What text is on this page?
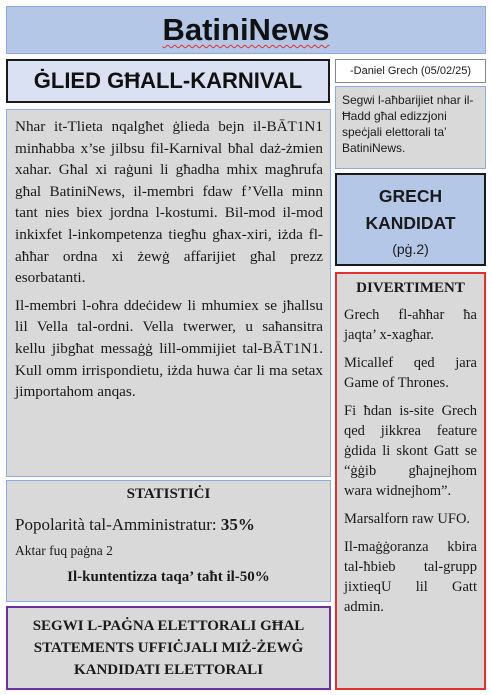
BatiniNews
ĠLIED GĦALL-KARNIVAL	-Daniel Grech (05/02/25)

Nhar it-Tlieta nqalgħet ġlieda bejn il-BĀT1N1 minħabba x’se jilbsu fil-Karnival bħal daż-żmien xahar. Għal xi raġuni li għadha mhix magħrufa għal BatiniNews, il-membri fdaw f’Vella minn tant nies biex jordna l-kostumi. Bil-mod il-mod inkixfet l-inkompetenza tiegħu għax-xiri, iżda fl-aħħar ordna xi żewġ affarijiet għal prezz esorbatanti.

Il-membri l-oħra ddeċidew li mhumiex se jħallsu lil Vella tal-ordni. Vella twerwer, u saħansitra kellu jibgħat messaġġ lill-ommijiet tal-BĀT1N1. Kull omm irrispondietu, iżda huwa ċar li ma setax jimportahom anqas.

STATISTIĊI
Popolarità tal-Amministratur: 35%
Aktar fuq paġna 2
Il-kuntentizza taqa’ taħt il-50%
SEGWI L-PAĠNA ELETTORALI GĦAL STATEMENTS UFFIĊJALI MIŻ-ŻEWĠ KANDIDATI ELETTORALI
Segwi l-aħbarijiet nhar il-Ħadd għal edizzjoni speċjali elettorali ta’ BatiniNews.
GRECH
KANDIDAT
(pġ.2)
DIVERTIMENT

Grech fl-aħħar ħa jaqta’ x-xagħar.

Micallef qed jara Game of Thrones.

Fi ħdan is-site Grech qed jikkrea feature ġdida li skont Gatt se “ġġib għajnejhom wara widnejhom”.

Marsalforn raw UFO.

Il-maġġoranza kbira tal-ħbieb tal-grupp jixtieqU lil Gatt admin.
